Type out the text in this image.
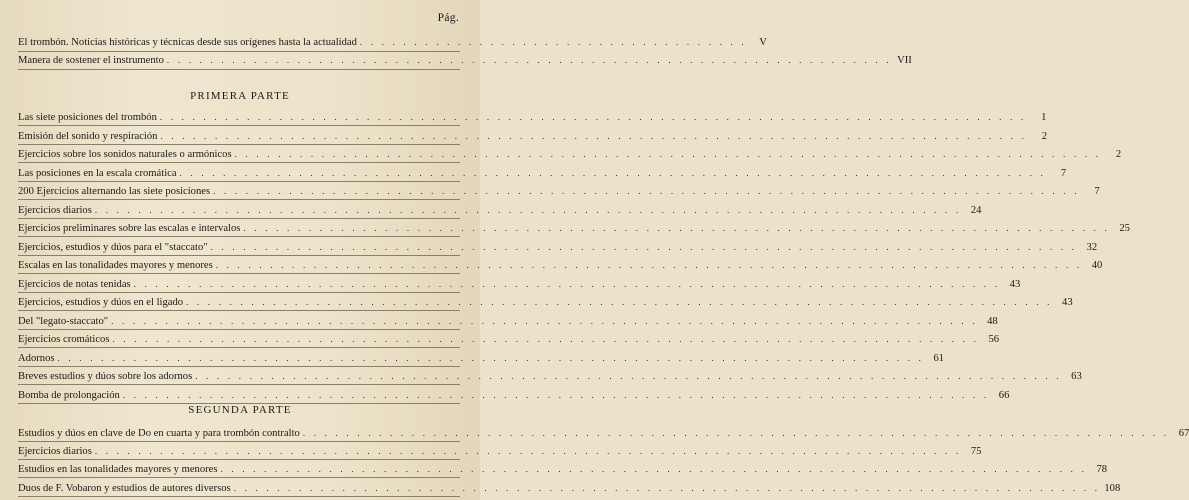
Pág.
El trombón. Noticias históricas y técnicas desde sus orígenes hasta la actualidad . . . . . . . . . . . . . . . . . . . . . . . . . . . . . . . . . . . .	V
Manera de sostener el instrumento . . . . . . . . . . . . . . . . . . . . . . . . . . . . . . . . . . . . . . . . . . . . . . . . . . . . . . . . . . . . . . . . . . . VII
PRIMERA PARTE
Las siete posiciones del trombón . . . . . . . . . . . . . . . . . . . . . . . . . . . . . . . . . . . . . . . . . . . . . . . . . . . . . . . . . . . . . . . . . . . . . . . . . . . . . . . .	1
Emisión del sonido y respiración . . . . . . . . . . . . . . . . . . . . . . . . . . . . . . . . . . . . . . . . . . . . . . . . . . . . . . . . . . . . . . . . . . . . . . . . . . . . . . . .	2
Ejercicios sobre los sonidos naturales o armónicos . . . . . . . . . . . . . . . . . . . . . . . . . . . . . . . . . . . . . . . . . . . . . . . . . . . . . . . . . . . . . . . . . . . . . . . . . . . . . . . .	2
Las posiciones en la escala cromática . . . . . . . . . . . . . . . . . . . . . . . . . . . . . . . . . . . . . . . . . . . . . . . . . . . . . . . . . . . . . . . . . . . . . . . . . . . . . . . .	7
200 Ejercicios alternando las siete posiciones . . . . . . . . . . . . . . . . . . . . . . . . . . . . . . . . . . . . . . . . . . . . . . . . . . . . . . . . . . . . . . . . . . . . . . . . . . . . . . . .	7
Ejercicios diarios . . . . . . . . . . . . . . . . . . . . . . . . . . . . . . . . . . . . . . . . . . . . . . . . . . . . . . . . . . . . . . . . . . . . . . . . . . . . . . . . 24
Ejercicios preliminares sobre las escalas e intervalos . . . . . . . . . . . . . . . . . . . . . . . . . . . . . . . . . . . . . . . . . . . . . . . . . . . . . . . . . . . . . . . . . . . . . . . . . . . . . . . . 25
Ejercicios, estudios y dúos para el "staccato" . . . . . . . . . . . . . . . . . . . . . . . . . . . . . . . . . . . . . . . . . . . . . . . . . . . . . . . . . . . . . . . . . . . . . . . . . . . . . . . . 32
Escalas en las tonalidades mayores y menores . . . . . . . . . . . . . . . . . . . . . . . . . . . . . . . . . . . . . . . . . . . . . . . . . . . . . . . . . . . . . . . . . . . . . . . . . . . . . . . . 40
Ejercicios de notas tenidas . . . . . . . . . . . . . . . . . . . . . . . . . . . . . . . . . . . . . . . . . . . . . . . . . . . . . . . . . . . . . . . . . . . . . . . . . . . . . . . . 43
Ejercicios, estudios y dúos en el ligado . . . . . . . . . . . . . . . . . . . . . . . . . . . . . . . . . . . . . . . . . . . . . . . . . . . . . . . . . . . . . . . . . . . . . . . . . . . . . . . . 43
Del "legato-staccato" . . . . . . . . . . . . . . . . . . . . . . . . . . . . . . . . . . . . . . . . . . . . . . . . . . . . . . . . . . . . . . . . . . . . . . . . . . . . . . . . 48
Ejercicios cromáticos . . . . . . . . . . . . . . . . . . . . . . . . . . . . . . . . . . . . . . . . . . . . . . . . . . . . . . . . . . . . . . . . . . . . . . . . . . . . . . . . 56
Adornos . . . . . . . . . . . . . . . . . . . . . . . . . . . . . . . . . . . . . . . . . . . . . . . . . . . . . . . . . . . . . . . . . . . . . . . . . . . . . . . . 61
Breves estudios y dúos sobre los adornos . . . . . . . . . . . . . . . . . . . . . . . . . . . . . . . . . . . . . . . . . . . . . . . . . . . . . . . . . . . . . . . . . . . . . . . . . . . . . . . . 63
Bomba de prolongación . . . . . . . . . . . . . . . . . . . . . . . . . . . . . . . . . . . . . . . . . . . . . . . . . . . . . . . . . . . . . . . . . . . . . . . . . . . . . . . . 66
SEGUNDA PARTE
Estudios y dúos en clave de Do en cuarta y para trombón contralto . . . . . . . . . . . . . . . . . . . . . . . . . . . . . . . . . . . . . . . . . . . . . . . . . . . . . . . . . . . . . . . . . . . . . . . . . . . . . . . . 67
Ejercicios diarios . . . . . . . . . . . . . . . . . . . . . . . . . . . . . . . . . . . . . . . . . . . . . . . . . . . . . . . . . . . . . . . . . . . . . . . . . . . . . . . . 75
Estudios en las tonalidades mayores y menores . . . . . . . . . . . . . . . . . . . . . . . . . . . . . . . . . . . . . . . . . . . . . . . . . . . . . . . . . . . . . . . . . . . . . . . . . . . . . . . . 78
Duos de F. Vobaron y estudios de autores diversos . . . . . . . . . . . . . . . . . . . . . . . . . . . . . . . . . . . . . . . . . . . . . . . . . . . . . . . . . . . . . . . . . . . . . . . . . . . . . . . . 108
